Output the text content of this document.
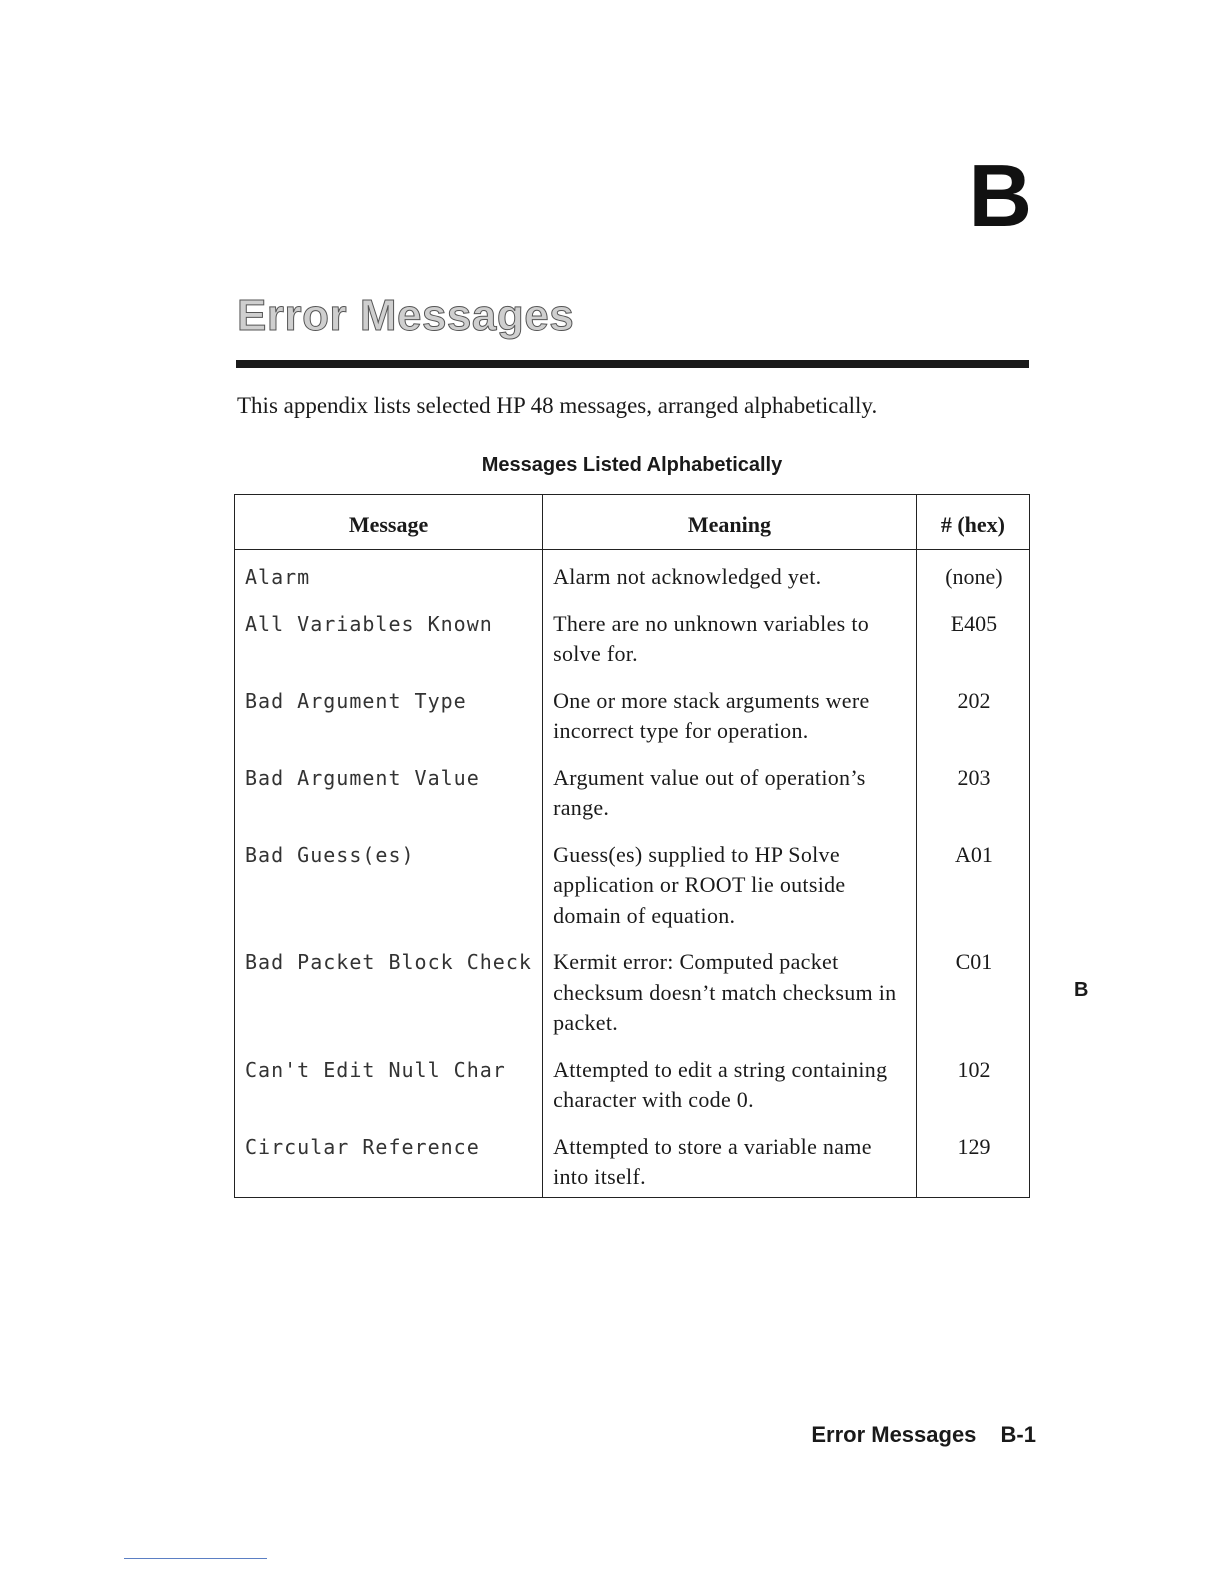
B
Error Messages

This appendix lists selected HP 48 messages, arranged alphabetically.

Messages Listed Alphabetically
Message	Meaning	# (hex)
Alarm	Alarm not acknowledged yet.	(none)
All Variables Known	There are no unknown variables to solve for.	E405
Bad Argument Type	One or more stack arguments were incorrect type for operation.	202
Bad Argument Value	Argument value out of operation’s range.	203
Bad Guess(es)	Guess(es) supplied to HP Solve application or ROOT lie outside domain of equation.	A01
Bad Packet Block Check	Kermit error: Computed packet checksum doesn’t match checksum in packet.	C01
Can't Edit Null Char	Attempted to edit a string containing character with code 0.	102
Circular Reference	Attempted to store a variable name into itself.	129
B
Error Messages B-1
